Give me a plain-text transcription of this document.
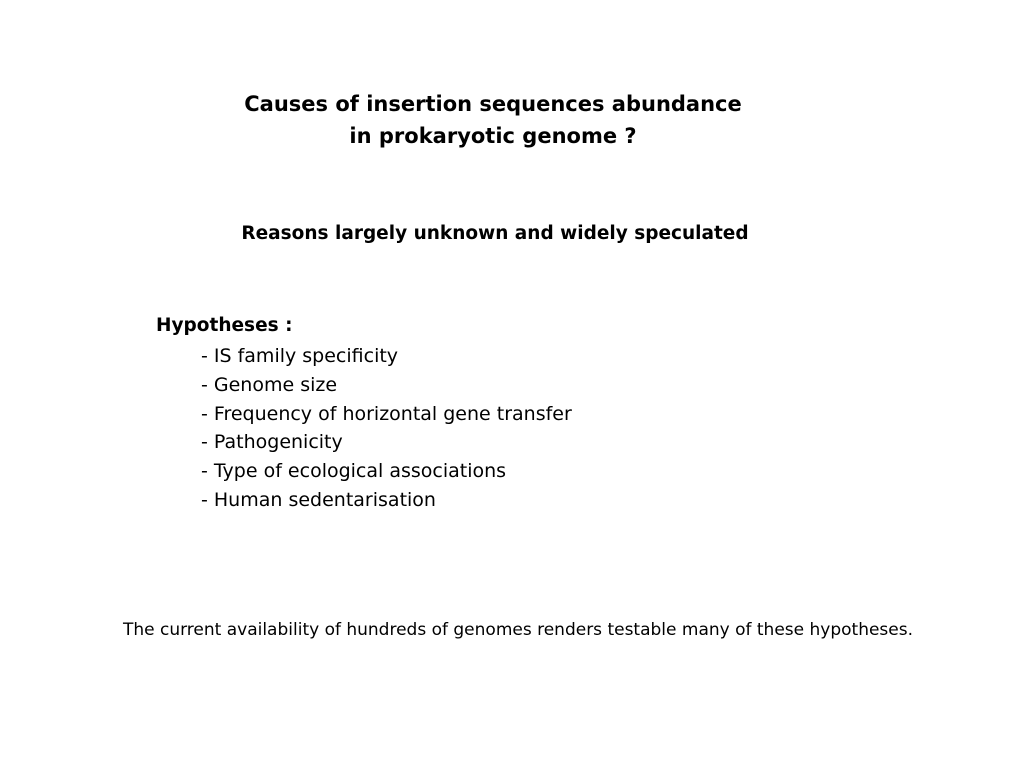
Causes of insertion sequences abundance
in prokaryotic genome ?
Reasons largely unknown and widely speculated
Hypotheses :
- IS family specificity
- Genome size
- Frequency of horizontal gene transfer
- Pathogenicity
- Type of ecological associations
- Human sedentarisation
The current availability of hundreds of genomes renders testable many of these hypotheses.
